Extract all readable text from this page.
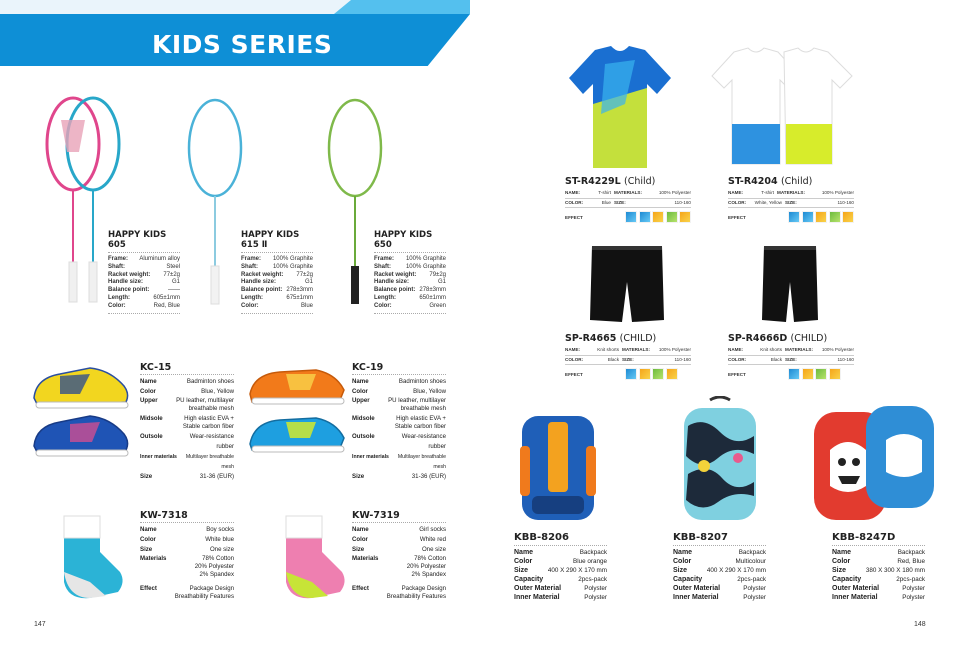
KIDS SERIES
HAPPY KIDS 605
Frame: Aluminum alloy
Shaft:	Steel
Racket weight: 77±2g
Handle size:	G1
Balance point:	——
Length:	605±1mm
Color:	Red, Blue
HAPPY KIDS 615 Ⅱ
Frame: 100% Graphite
Shaft: 100% Graphite
Racket weight: 77±2g
Handle size:	G1
Balance point: 278±3mm
Length:	675±1mm
Color:	Blue
HAPPY KIDS 650
Frame: 100% Graphite
Shaft: 100% Graphite
Racket weight: 79±2g
Handle size:	G1
Balance point: 278±3mm
Length:	650±1mm
Color:	Green
KC-15
Name	Badminton shoes
Color	Blue, Yellow
Upper	PU leather, multilayer breathable mesh
Midsole	High elastic EVA + Stable carbon fiber
Outsole	Wear-resistance rubber
Inner materials	Multilayer breathable mesh
Size	31-36 (EUR)
KC-19
Name	Badminton shoes
Color	Blue, Yellow
Upper	PU leather, multilayer breathable mesh
Midsole	High elastic EVA + Stable carbon fiber
Outsole	Wear-resistance rubber
Inner materials	Multilayer breathable mesh
Size	31-36 (EUR)
KW-7318
Name	Boy socks
Color	White blue
Size	One size
Materials	78% Cotton
20% Polyester
2% Spandex
Effect	Package Design
Breathability Features
KW-7319
Name	Girl socks
Color	White red
Size	One size
Materials	78% Cotton
20% Polyester
2% Spandex
Effect	Package Design
Breathability Features
147
ST-R4229L (Child)
NAME:	T-shirt MATERIALS:	100% Polyester
COLOR:	Blue SIZE:	110-160
EFFECT
ST-R4204 (Child)
NAME:	T-shirt MATERIALS:	100% Polyester
COLOR:	White, Yellow SIZE:	110-160
EFFECT
SP-R4665 (CHILD)
NAME:	Knit shorts MATERIALS:	100% Polyester
COLOR:	Black SIZE:	110-160
EFFECT
SP-R4666D (CHILD)
NAME:	Knit shorts MATERIALS:	100% Polyester
COLOR:	Black SIZE:	110-160
EFFECT
KBB-8206
Name	Backpack
Color	Blue orange
Size	400 X 290 X 170 mm
Capacity	2pcs-pack
Outer Material	Polyster
Inner Material	Polyster
KBB-8207
Name	Backpack
Color	Multicolour
Size	400 X 290 X 170 mm
Capacity	2pcs-pack
Outer Material	Polyster
Inner Material	Polyster
KBB-8247D
Name	Backpack
Color	Red, Blue
Size	380 X 300 X 180 mm
Capacity	2pcs-pack
Outer Material	Polyster
Inner Material	Polyster
148
